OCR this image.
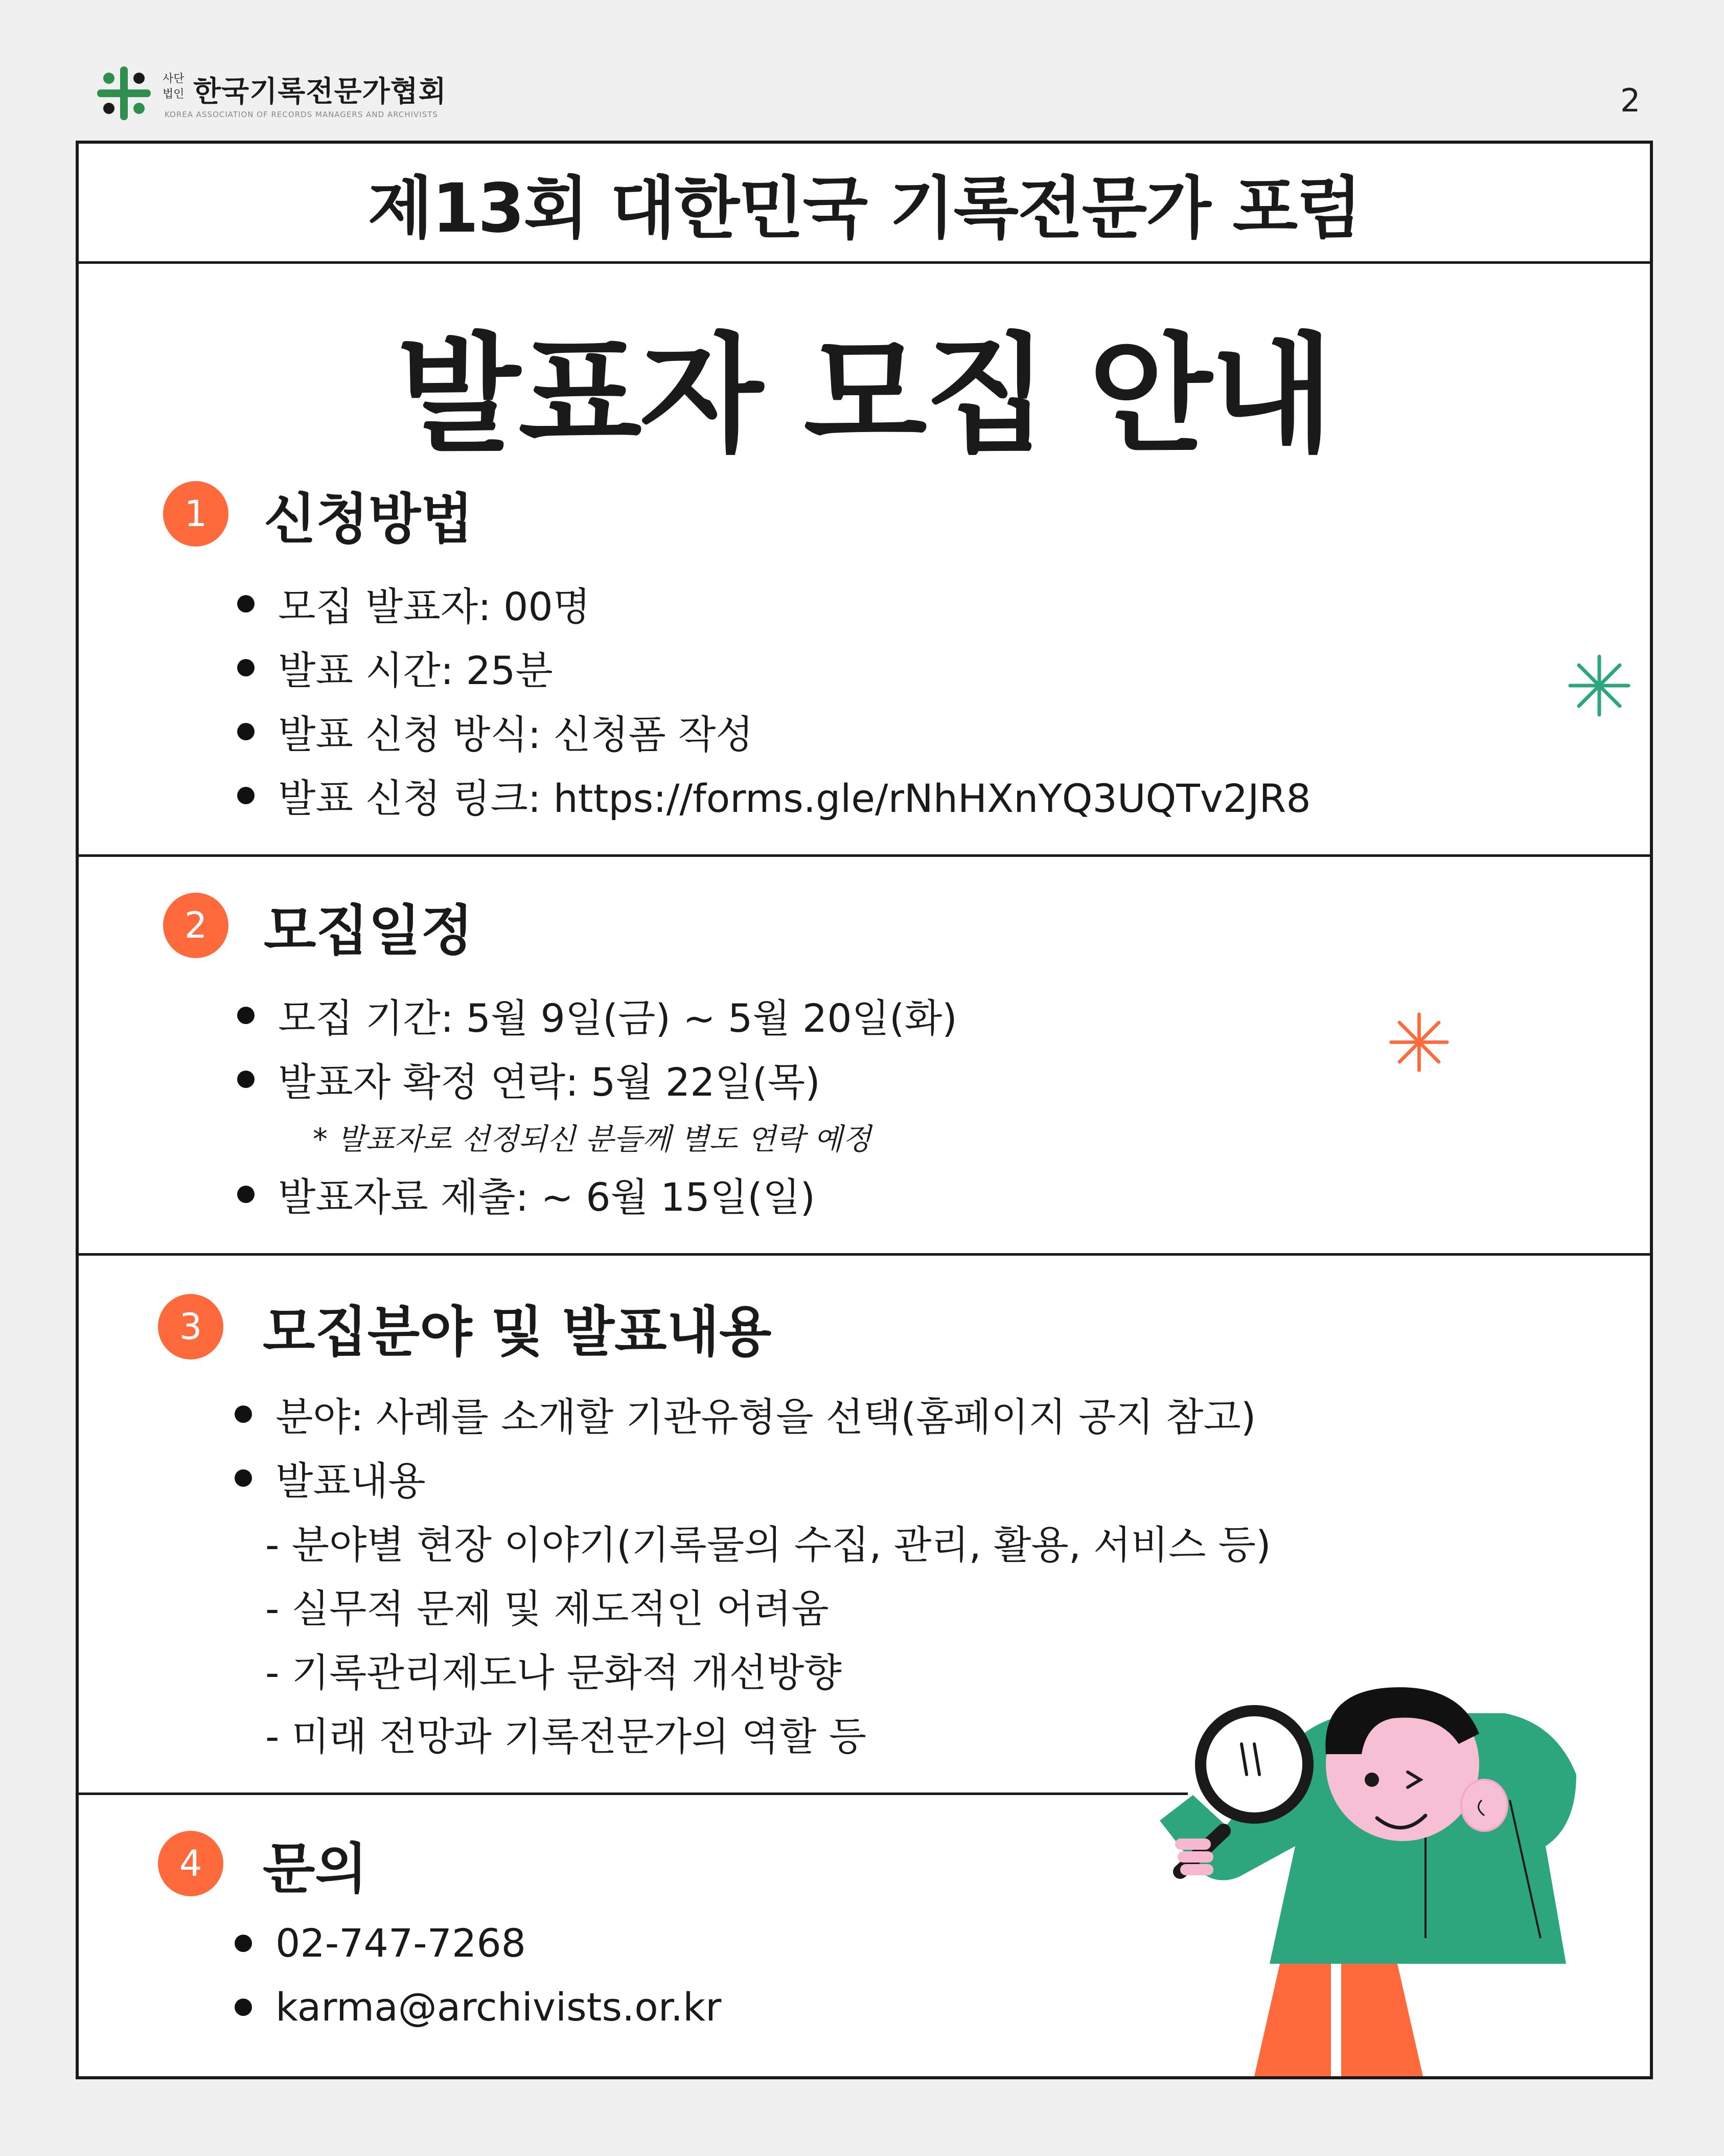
사단 법인 한국기록전문가협회
KOREA ASSOCIATION OF RECORDS MANAGERS AND ARCHIVISTS	2
제13회 대한민국 기록전문가 포럼
발표자 모집 안내
1	신청방법
모집 발표자: 00명
발표 시간: 25분
발표 신청 방식: 신청폼 작성
발표 신청 링크: https://forms.gle/rNhHXnYQ3UQTv2JR8
2	모집일정
모집 기간: 5월 9일(금) ~ 5월 20일(화)
발표자 확정 연락: 5월 22일(목)
* 발표자로 선정되신 분들께 별도 연락 예정
발표자료 제출: ~ 6월 15일(일)
3	모집분야 및 발표내용
분야: 사례를 소개할 기관유형을 선택(홈페이지 공지 참고)
발표내용
- 분야별 현장 이야기(기록물의 수집, 관리, 활용, 서비스 등)
- 실무적 문제 및 제도적인 어려움
- 기록관리제도나 문화적 개선방향
- 미래 전망과 기록전문가의 역할 등
4	문의
02-747-7268
karma@archivists.or.kr
